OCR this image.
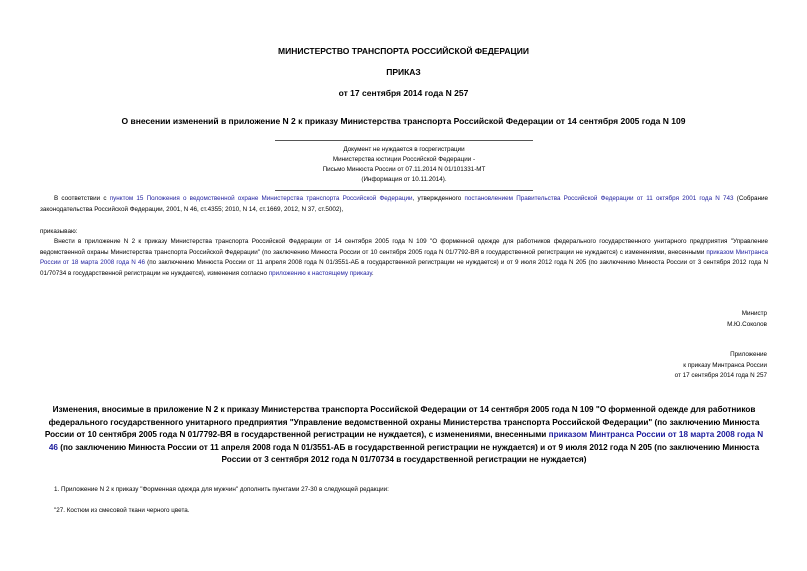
МИНИСТЕРСТВО ТРАНСПОРТА РОССИЙСКОЙ ФЕДЕРАЦИИ
ПРИКАЗ
от 17 сентября 2014 года N 257
О внесении изменений в приложение N 2 к приказу Министерства транспорта Российской Федерации от 14 сентября 2005 года N 109
Документ не нуждается в госрегистрации
Министерства юстиции Российской Федерации -
Письмо Минюста России от 07.11.2014 N 01/101331-МТ
(Информация от 10.11.2014).
В соответствии с пунктом 15 Положения о ведомственной охране Министерства транспорта Российской Федерации, утвержденного постановлением Правительства Российской Федерации от 11 октября 2001 года N 743 (Собрание законодательства Российской Федерации, 2001, N 46, ст.4355; 2010, N 14, ст.1669, 2012, N 37, ст.5002),
приказываю:
Внести в приложение N 2 к приказу Министерства транспорта Российской Федерации от 14 сентября 2005 года N 109 "О форменной одежде для работников федерального государственного унитарного предприятия "Управление ведомственной охраны Министерства транспорта Российской Федерации" (по заключению Минюста России от 10 сентября 2005 года N 01/7792-ВЯ в государственной регистрации не нуждается) с изменениями, внесенными приказом Минтранса России от 18 марта 2008 года N 46 (по заключению Минюста России от 11 апреля 2008 года N 01/3551-АБ в государственной регистрации не нуждается) и от 9 июля 2012 года N 205 (по заключению Минюста России от 3 сентября 2012 года N 01/70734 в государственной регистрации не нуждается), изменения согласно приложению к настоящему приказу.
Министр
М.Ю.Соколов
Приложение
к приказу Минтранса России
от 17 сентября 2014 года N 257
Изменения, вносимые в приложение N 2 к приказу Министерства транспорта Российской Федерации от 14 сентября 2005 года N 109 "О форменной одежде для работников федерального государственного унитарного предприятия "Управление ведомственной охраны Министерства транспорта Российской Федерации" (по заключению Минюста России от 10 сентября 2005 года N 01/7792-ВЯ в государственной регистрации не нуждается), с изменениями, внесенными приказом Минтранса России от 18 марта 2008 года N 46 (по заключению Минюста России от 11 апреля 2008 года N 01/3551-АБ в государственной регистрации не нуждается) и от 9 июля 2012 года N 205 (по заключению Минюста России от 3 сентября 2012 года N 01/70734 в государственной регистрации не нуждается)
1. Приложение N 2 к приказу "Форменная одежда для мужчин" дополнить пунктами 27-30 в следующей редакции:
"27. Костюм из смесовой ткани черного цвета.
